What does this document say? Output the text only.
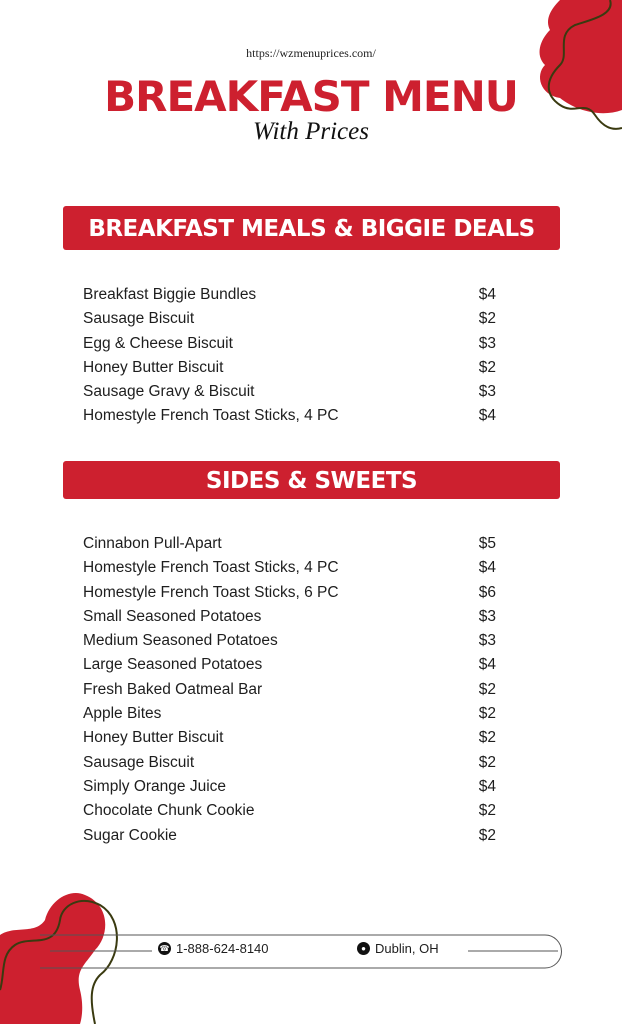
https://wzmenuprices.com/
BREAKFAST MENU
With Prices
BREAKFAST MEALS & BIGGIE DEALS
Breakfast Biggie Bundles	$4
Sausage Biscuit	$2
Egg & Cheese Biscuit	$3
Honey Butter Biscuit	$2
Sausage Gravy & Biscuit	$3
Homestyle French Toast Sticks, 4 PC	$4
SIDES & SWEETS
Cinnabon Pull-Apart	$5
Homestyle French Toast Sticks, 4 PC	$4
Homestyle French Toast Sticks, 6 PC	$6
Small Seasoned Potatoes	$3
Medium Seasoned Potatoes	$3
Large Seasoned Potatoes	$4
Fresh Baked Oatmeal Bar	$2
Apple Bites	$2
Honey Butter Biscuit	$2
Sausage Biscuit	$2
Simply Orange Juice	$4
Chocolate Chunk Cookie	$2
Sugar Cookie	$2
☎ 1-888-624-8140	● Dublin, OH
